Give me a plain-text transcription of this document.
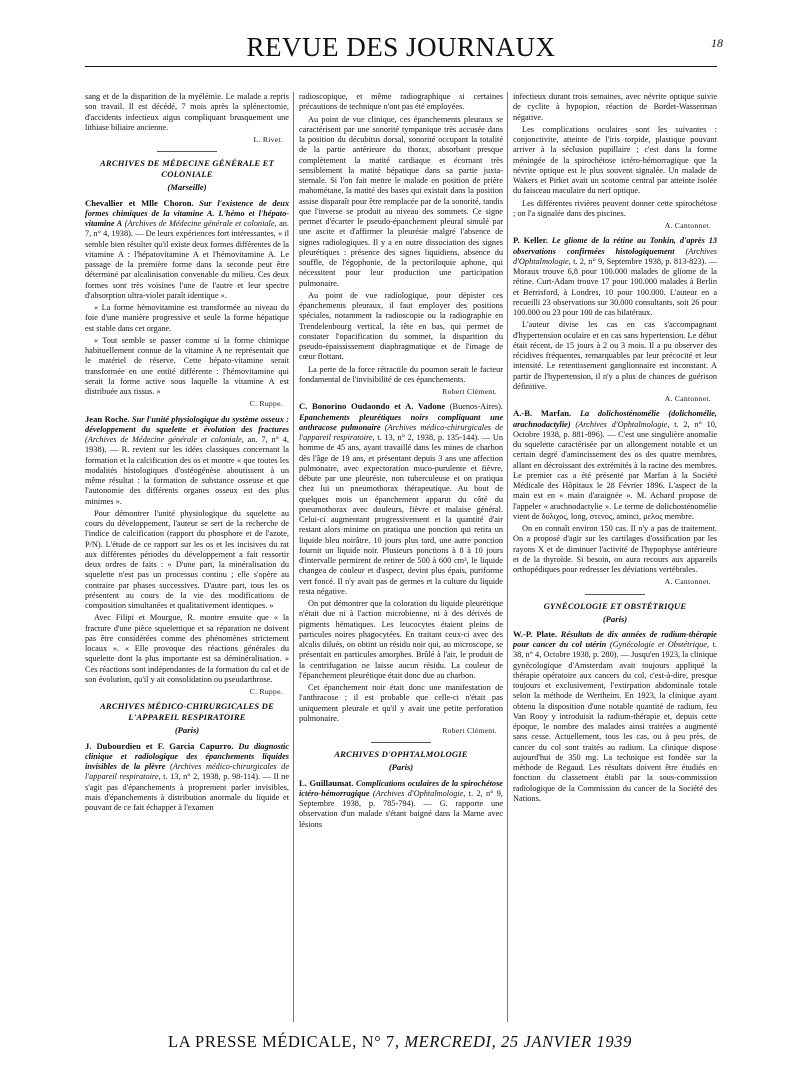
REVUE DES JOURNAUX	18

sang et de la disparition de la myélémie. Le malade a repris son travail. Il est décédé, 7 mois après la splénectomie, d'accidents infectieux aigus compliquant brusquement une lithiase biliaire ancienne.

L. Rivet.
ARCHIVES DE MÉDECINE GÉNÉRALE ET COLONIALE
(Marseille)

Chevallier et Mlle Choron. Sur l'existence de deux formes chimiques de la vitamine A. L'hémo et l'hépato-vitamine A (Archives de Médecine générale et coloniale, an. 7, n° 4, 1938). — De leurs expériences fort intéressantes, « il semble bien résulter qu'il existe deux formes différentes de la vitamine A : l'hépatovitamine A et l'hémovitamine A. Le passage de la première forme dans la seconde peut être déterminé par alcalinisation convenable du milieu. Ces deux formes sont très voisines l'une de l'autre et leur spectre d'absorption ultra-violet paraît identique ».

« La forme hémovitamine est transformée au niveau du foie d'une manière progressive et seule la forme hépatique est stable dans cet organe.

« Tout semble se passer comme si la forme chimique habituellement connue de la vitamine A ne représentait que le matériel de réserve. Cette hépato-vitamine serait transformée en une entité différente : l'hémovitamine qui serait la forme active sous laquelle la vitamine A est distribuée aux tissus. »

C. Ruppe.

Jean Roche. Sur l'unité physiologique du système osseux : développement du squelette et évolution des fractures (Archives de Médecine générale et coloniale, an. 7, n° 4, 1938). — R. revient sur les idées classiques concernant la formation et la calcification des os et montre « que toutes les modalités histologiques d'ostéogénèse aboutissent à un même résultat : la formation de substance osseuse et que l'autonomie des différents organes osseux est des plus minimes ».

Pour démontrer l'unité physiologique du squelette au cours du développement, l'auteur se sert de la recherche de l'indice de calcification (rapport du phosphore et de l'azote, P/N). L'étude de ce rapport sur les os et les incisives du rat aux différentes périodes du développement a fait ressortir deux ordres de faits : « D'une part, la minéralisation du squelette n'est pas un processus continu ; elle s'opère au contraire par phases successives. D'autre part, tous les os présentent au cours de la vie des modifications de composition simultanées et qualitativement identiques. »

Avec Filipi et Mourgue, R. montre ensuite que « la fracture d'une pièce squelettique et sa réparation ne doivent pas être considérées comme des phénomènes strictement locaux ». « Elle provoque des réactions générales du squelette dont la plus importante est sa déminéralisation. » Ces réactions sont indépendantes de la formation du cal et de son évolution, qu'il y ait consolidation ou pseudarthrose.

C. Ruppe.
ARCHIVES MÉDICO-CHIRURGICALES DE L'APPAREIL RESPIRATOIRE
(Paris)

J. Dubourdieu et F. Garcia Capurro. Du diagnostic clinique et radiologique des épanchements liquides invisibles de la plèvre (Archives médico-chirurgicales de l'appareil respiratoire, t. 13, n° 2, 1938, p. 98-114). — Il ne s'agit pas d'épanchements à proprement parler invisibles, mais d'épanchements à distribution anormale du liquide et pouvant de ce fait échapper à l'examen

radioscopique, et même radiographique si certaines précautions de technique n'ont pas été employées.

Au point de vue clinique, ces épanchements pleuraux se caractérisent par une sonorité tympanique très accusée dans la position du décubitus dorsal, sonorité occupant la totalité de la partie antérieure du thorax, absorbant presque complètement la matité cardiaque et écornant très sensiblement la matité hépatique dans sa partie juxta-sternale. Si l'on fait mettre le malade en position de prière mahométane, la matité des bases qui existait dans la position assise disparaît pour être remplacée par de la sonorité, tandis que l'inverse se produit au niveau des sommets. Ce signe permet d'écarter le pseudo-épanchement pleural simulé par une ascite et d'affirmer la pleurésie malgré l'absence de signes radiologiques. Il y a en outre dissociation des signes pleurétiques : présence des signes liquidiens, absence du souffle, de l'égophonie, de la pectoriloquie aphone, qui nécessitent pour leur production une participation pulmonaire.

Au point de vue radiologique, pour dépister ces épanchements pleuraux, il faut employer des positions spéciales, notamment la radioscopie ou la radiographie en Trendelenbourg vertical, la tête en bas, qui permet de constater l'opacification du sommet, la disparition du pseudo-épaississement diaphragmatique et de l'image de cœur flottant.

La perte de la force rétractile du poumon serait le facteur fondamental de l'invisibilité de ces épanchements.

Robert Clément.

C. Bonorino Oudaondo et A. Vadone (Buenos-Aires). Epanchements pleurétiques noirs compliquant une anthracose pulmonaire (Archives médico-chirurgicales de l'appareil respiratoire, t. 13, n° 2, 1938, p. 135-144). — Un homme de 45 ans, ayant travaillé dans les mines de charbon dès l'âge de 19 ans, et présentant depuis 3 ans une affection pulmonaire, avec expectoration muco-purulente et fièvre, débute par une pleurésie, non tuberculeuse et on pratiqua chez lui un pneumothorax thérapeutique. Au bout de quelques mois un épanchement apparut du côté du pneumothorax avec douleurs, fièvre et malaise général. Celui-ci augmentant progressivement et la quantité d'air restant alors minime on pratiqua une ponction qui retira un liquide bleu noirâtre. 10 jours plus tard, une autre ponction fournit un liquide noir. Plusieurs ponctions à 8 à 10 jours d'intervalle permirent de retirer de 500 à 600 cm³, le liquide changea de couleur et d'aspect, devint plus épais, puriforme vert foncé. Il n'y avait pas de germes et la culture du liquide resta négative.

On put démontrer que la coloration du liquide pleurétique n'était due ni à l'action microbienne, ni à des dérivés de pigments hématiques. Les leucocytes étaient pleins de particules noires phagocytées. En traitant ceux-ci avec des alcalis dilués, on obtint un résidu noir qui, au microscope, se présentait en particules amorphes. Brûlé à l'air, le produit de la centrifugation ne laisse aucun résidu. La couleur de l'épanchement pleurétique était donc due au charbon.

Cet épanchement noir était donc une manifestation de l'anthracose ; il est probable que celle-ci n'était pas uniquement pleurale et qu'il y avait une petite perforation pulmonaire.

Robert Clément.
ARCHIVES D'OPHTALMOLOGIE
(Paris)

L. Guillaumat. Complications oculaires de la spirochétose ictéro-hémorragique (Archives d'Ophtalmologie, t. 2, n° 9, Septembre 1938, p. 785-794). — G. rapporte une observation d'un malade s'étant baigné dans la Marne avec lésions

infectieux durant trois semaines, avec névrite optique suivie de cyclite à hypopion, réaction de Bordet-Wasserman négative.

Les complications oculaires sont les suivantes : conjonctivite, atteinte de l'iris torpide, plastique pouvant arriver à la séclusion pupillaire ; c'est dans la forme méningée de la spirochétose ictéro-hémorragique que la névrite optique est le plus souvent signalée. Un malade de Wakers et Pirket avait un scotome central par atteinte isolée du faisceau maculaire du nerf optique.

Les différentes rivières peuvent donner cette spirochétose ; on l'a signalée dans des piscines.

A. Cantonnet.

P. Keller. Le gliome de la rétine au Tonkin, d'après 13 observations confirmées histologiquement (Archives d'Ophtalmologie, t. 2, n° 9, Septembre 1938, p. 813-823). — Moraux trouve 6,8 pour 100.000 malades de gliome de la rétine. Curt-Adam trouve 17 pour 100.000 malades à Berlin et Berrisford, à Londres, 10 pour 100.000. L'auteur en a recueilli 23 observations sur 30.000 consultants, soit 26 pour 100.000 ou 23 pour 100 de cas bilatéraux.

L'auteur divise les cas en cas s'accompagnant d'hypertension oculaire et en cas sans hypertension. Le début était récent, de 15 jours à 2 ou 3 mois. Il a pu observer des récidives fréquentes, remarquables par leur précocité et leur intensité. Le retentissement ganglionnaire est inconstant. A partir de l'hypertension, il n'y a plus de chances de guérison définitive.

A. Cantonnet.

A.-B. Marfan. La dolichosténomélie (dolichomélie, arachnodactylie) (Archives d'Ophtalmologie, t. 2, n° 10, Octobre 1938, p. 881-896). — C'est une singulière anomalie du squelette caractérisée par un allongement notable et un certain degré d'amincissement des os des quatre membres, allant en décroissant des extrémités à la racine des membres. Le premier cas a été présenté par Marfan à la Société Médicale des Hôpitaux le 28 Février 1896. L'aspect de la main est en « main d'araignée ». M. Achard propose de l'appeler « arachnodactylie ». Le terme de dolichosténomélie vient de δολιχος, long, στενος, aminci, μελος membre.

On en connaît environ 150 cas. Il n'y a pas de traitement. On a proposé d'agir sur les cartilages d'ossification par les rayons X et de diminuer l'activité de l'hypophyse antérieure et de la thyroïde. Si besoin, on aura recours aux appareils orthopédiques pour redresser les déviations vertébrales.

A. Cantonnet.
GYNÉCOLOGIE ET OBSTÉTRIQUE
(Paris)

W.-P. Plate. Résultats de dix années de radium-thérapie pour cancer du col utérin (Gynécologie et Obstétrique, t. 38, n° 4, Octobre 1938, p. 280). — Jusqu'en 1923, la clinique gynécologique d'Amsterdam avait toujours appliqué la thérapie opératoire aux cancers du col, c'est-à-dire, presque toujours et exclusivement, l'extirpation abdominale totale selon la méthode de Wertheim. En 1923, la clinique ayant obtenu la disposition d'une notable quantité de radium, feu Van Rooy y introduisit la radium-thérapie et, depuis cette époque, le nombre des malades ainsi traitées a augmenté sans cesse. Actuellement, tous les cas, ou à peu près, de cancer du col sont traités au radium. La clinique dispose aujourd'hui de 350 mg. La technique est fondée sur la méthode de Regaud. Les résultats doivent être étudiés en fonction du classement établi par la sous-commission radiologique de la Commission du cancer de la Société des Nations.

LA PRESSE MÉDICALE, N° 7, MERCREDI, 25 JANVIER 1939
